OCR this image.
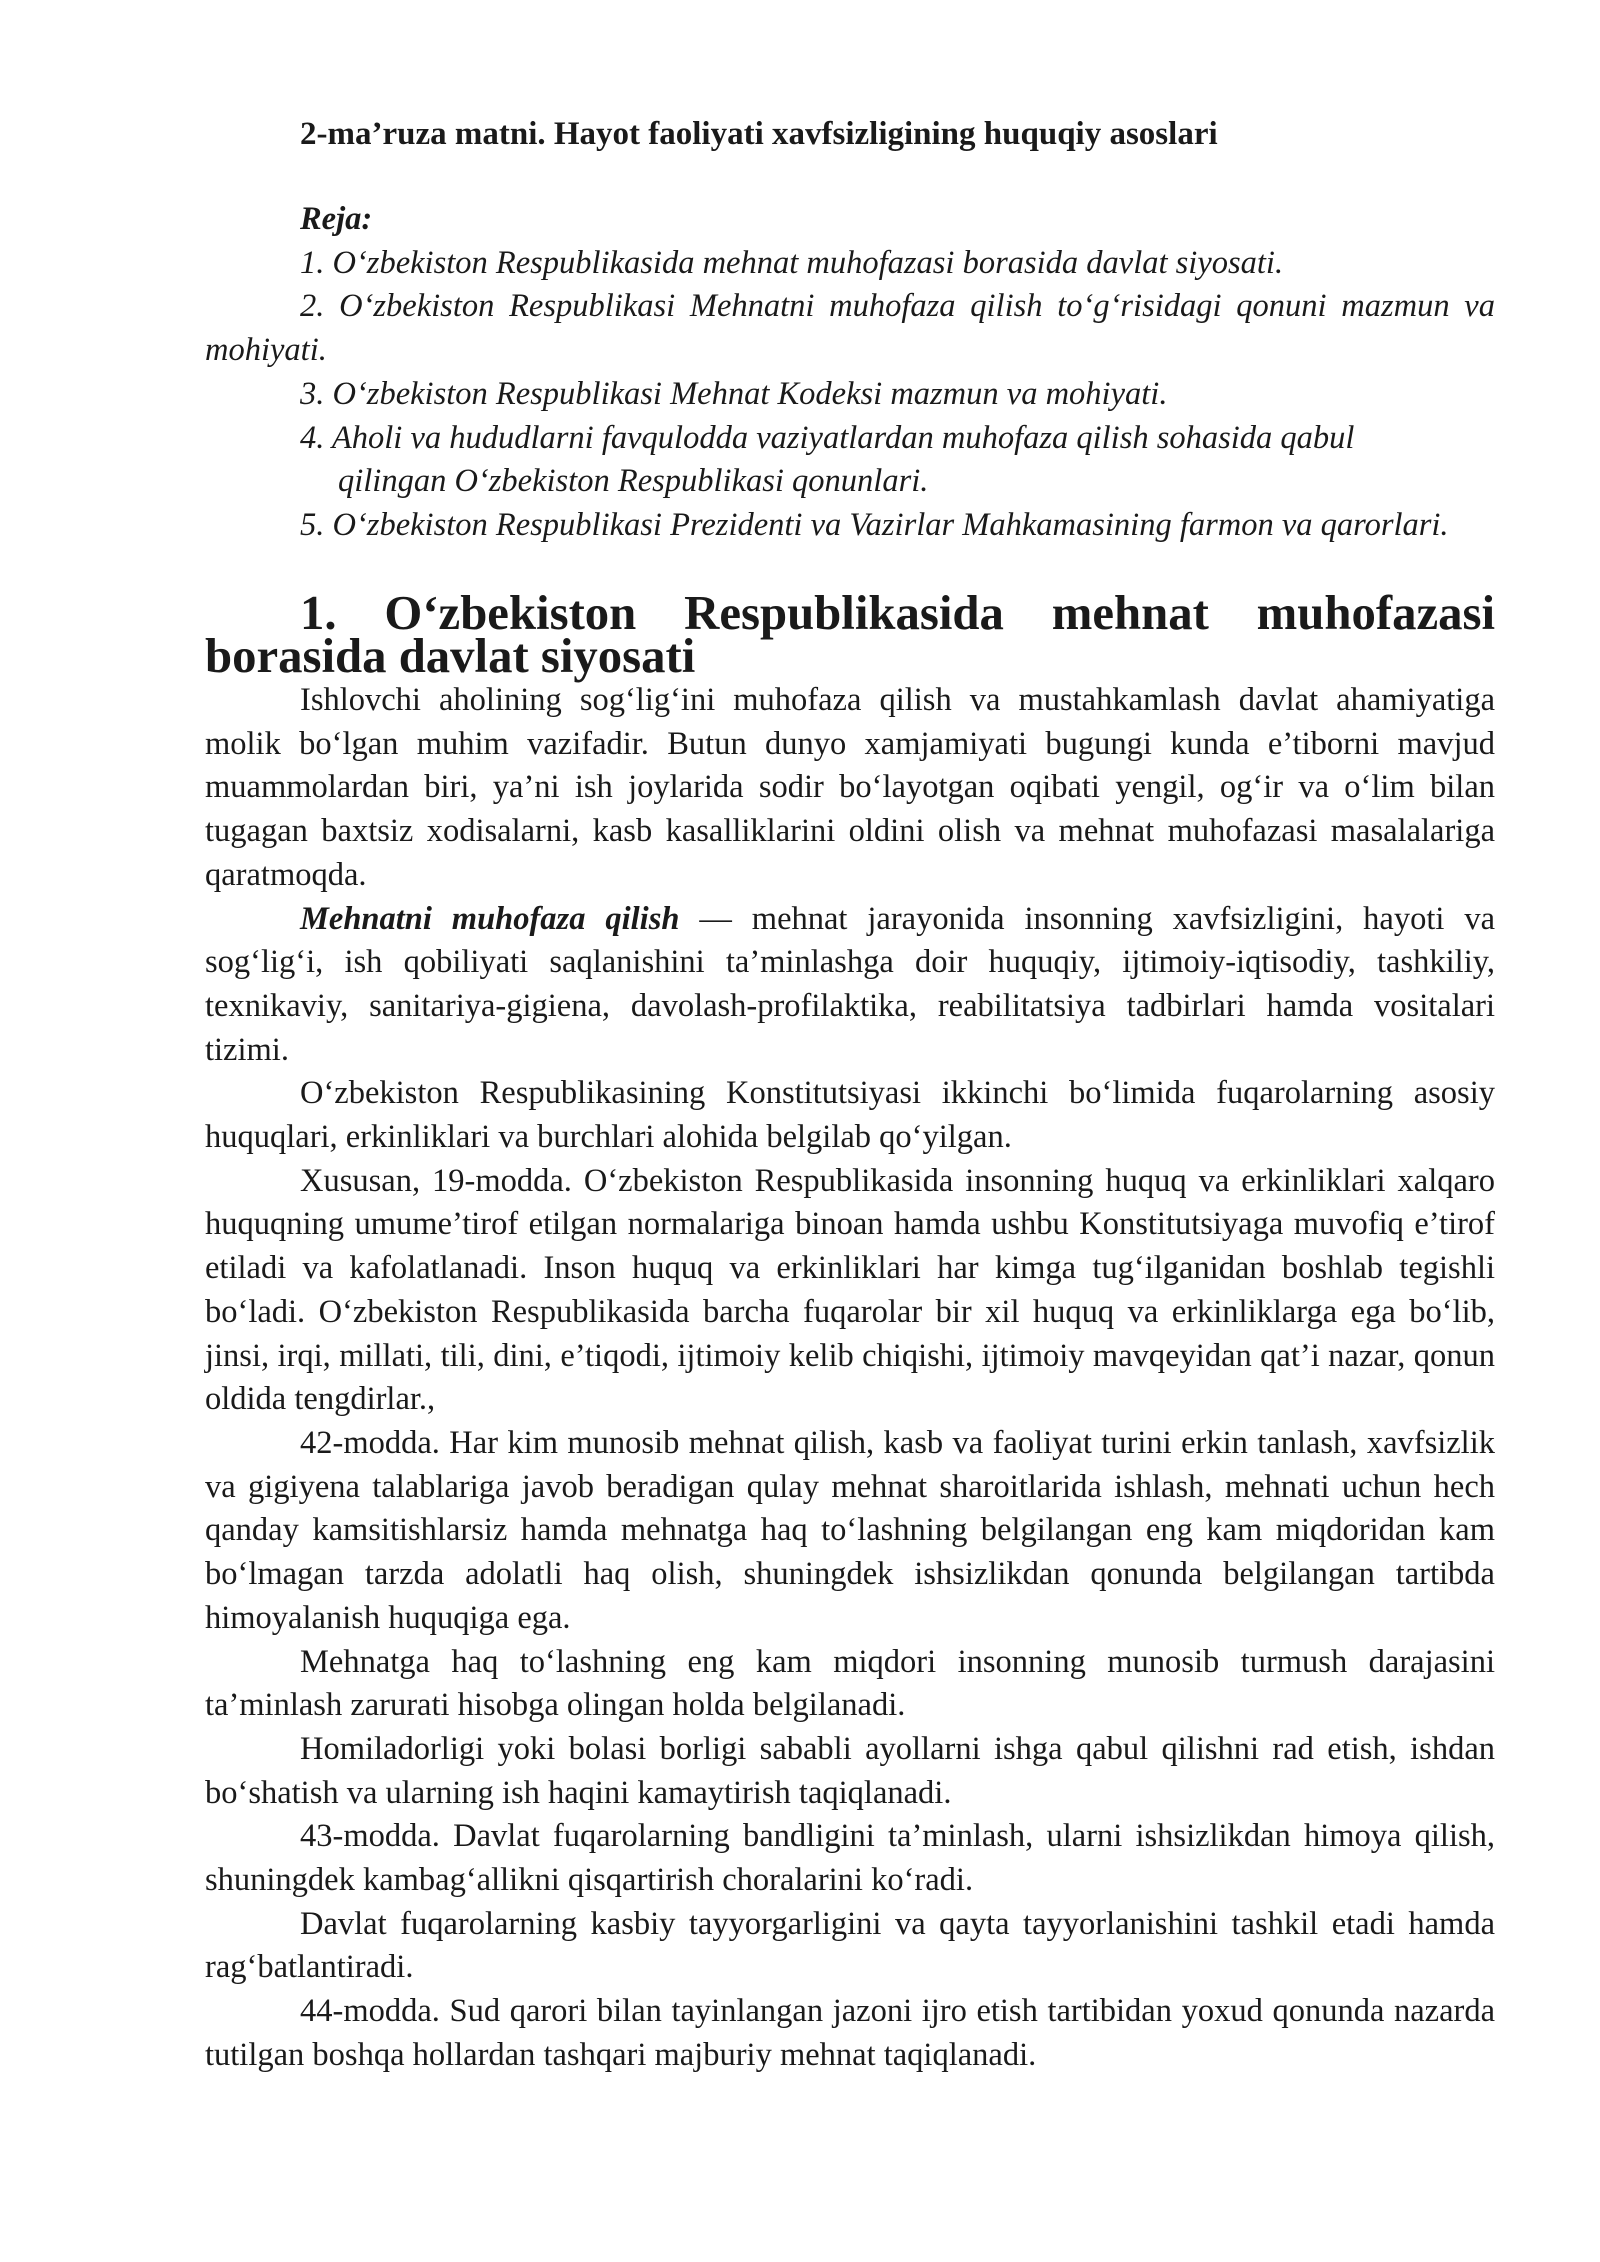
2-ma’ruza matni. Hayot faoliyati xavfsizligining huquqiy asoslari
Reja:
1. O‘zbekiston Respublikasida mehnat muhofazasi borasida davlat siyosati.
2. O‘zbekiston Respublikasi Mehnatni muhofaza qilish to‘g‘risidagi qonuni mazmun va mohiyati.
3. O‘zbekiston Respublikasi Mehnat Kodeksi mazmun va mohiyati.
4. Aholi va hududlarni favqulodda vaziyatlardan muhofaza qilish sohasida qabul
qilingan O‘zbekiston Respublikasi qonunlari.
5. O‘zbekiston Respublikasi Prezidenti va Vazirlar Mahkamasining farmon va qarorlari.
1. O‘zbekiston Respublikasida mehnat muhofazasi borasida davlat siyosati

Ishlovchi aholining sog‘lig‘ini muhofaza qilish va mustahkamlash davlat ahamiyatiga molik bo‘lgan muhim vazifadir. Butun dunyo xamjamiyati bugungi kunda e’tiborni mavjud muammolardan biri, ya’ni ish joylarida sodir bo‘layotgan oqibati yengil, og‘ir va o‘lim bilan tugagan baxtsiz xodisalarni, kasb kasalliklarini oldini olish va mehnat muhofazasi masalalariga qaratmoqda.

Mehnatni muhofaza qilish — mehnat jarayonida insonning xavfsizligini, hayoti va sog‘lig‘i, ish qobiliyati saqlanishini ta’minlashga doir huquqiy, ijtimoiy-iqtisodiy, tashkiliy, texnikaviy, sanitariya-gigiena, davolash-profilaktika, reabilitatsiya tadbirlari hamda vositalari tizimi.

O‘zbekiston Respublikasining Konstitutsiyasi ikkinchi bo‘limida fuqarolarning asosiy huquqlari, erkinliklari va burchlari alohida belgilab qo‘yilgan.

Xususan, 19-modda. O‘zbekiston Respublikasida insonning huquq va erkinliklari xalqaro huquqning umume’tirof etilgan normalariga binoan hamda ushbu Konstitutsiyaga muvofiq e’tirof etiladi va kafolatlanadi. Inson huquq va erkinliklari har kimga tug‘ilganidan boshlab tegishli bo‘ladi. O‘zbekiston Respublikasida barcha fuqarolar bir xil huquq va erkinliklarga ega bo‘lib, jinsi, irqi, millati, tili, dini, e’tiqodi, ijtimoiy kelib chiqishi, ijtimoiy mavqeyidan qat’i nazar, qonun oldida tengdirlar.,

42-modda. Har kim munosib mehnat qilish, kasb va faoliyat turini erkin tanlash, xavfsizlik va gigiyena talablariga javob beradigan qulay mehnat sharoitlarida ishlash, mehnati uchun hech qanday kamsitishlarsiz hamda mehnatga haq to‘lashning belgilangan eng kam miqdoridan kam bo‘lmagan tarzda adolatli haq olish, shuningdek ishsizlikdan qonunda belgilangan tartibda himoyalanish huquqiga ega.

Mehnatga haq to‘lashning eng kam miqdori insonning munosib turmush darajasini ta’minlash zarurati hisobga olingan holda belgilanadi.

Homiladorligi yoki bolasi borligi sababli ayollarni ishga qabul qilishni rad etish, ishdan bo‘shatish va ularning ish haqini kamaytirish taqiqlanadi.

43-modda. Davlat fuqarolarning bandligini ta’minlash, ularni ishsizlikdan himoya qilish, shuningdek kambag‘allikni qisqartirish choralarini ko‘radi.

Davlat fuqarolarning kasbiy tayyorgarligini va qayta tayyorlanishini tashkil etadi hamda rag‘batlantiradi.

44-modda. Sud qarori bilan tayinlangan jazoni ijro etish tartibidan yoxud qonunda nazarda tutilgan boshqa hollardan tashqari majburiy mehnat taqiqlanadi.
